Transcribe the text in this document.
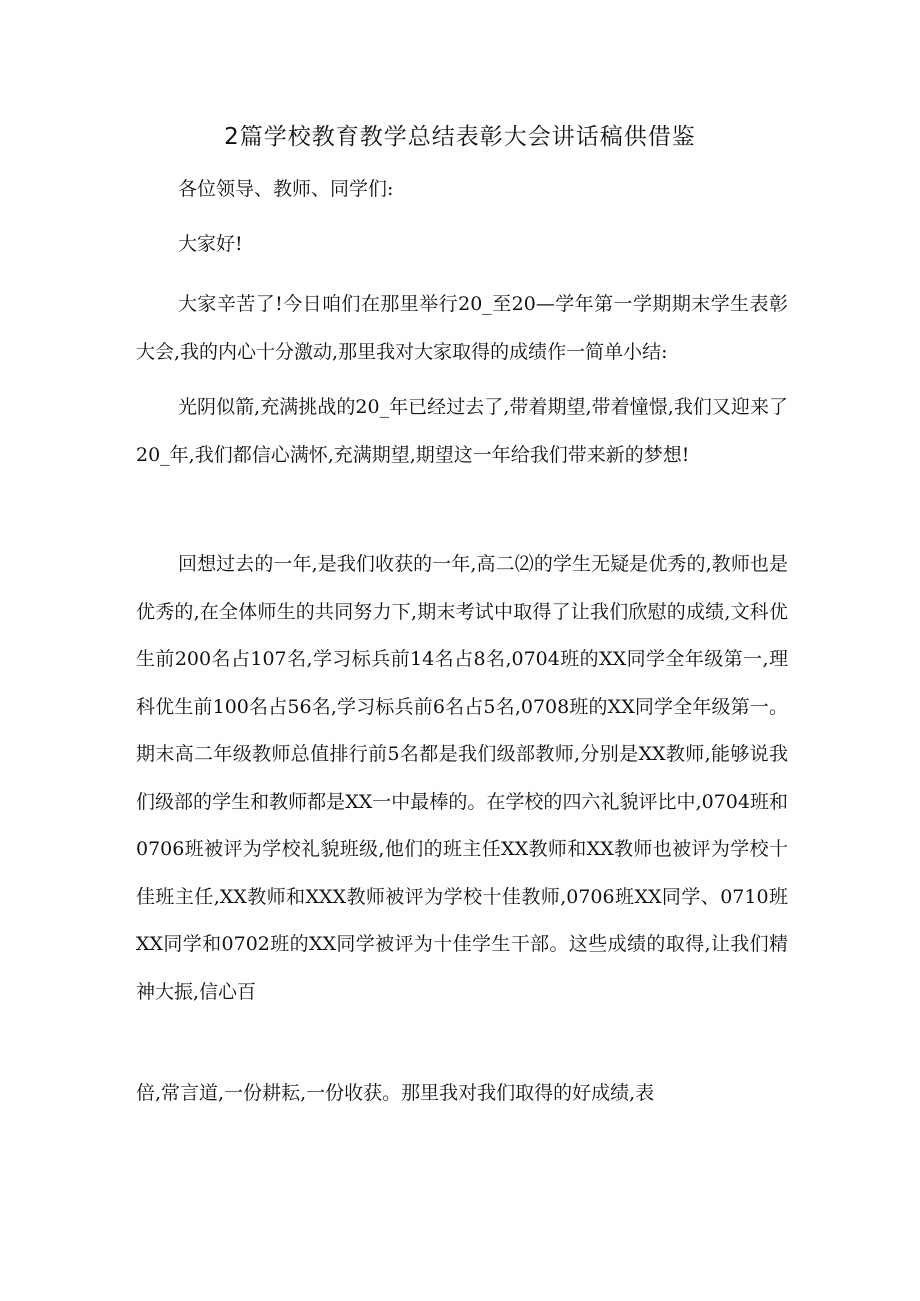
2篇学校教育教学总结表彰大会讲话稿供借鉴

各位领导、教师、同学们:

大家好!

大家辛苦了!今日咱们在那里举行20_至20—学年第一学期期末学生表彰大会,我的内心十分激动,那里我对大家取得的成绩作一简单小结:

光阴似箭,充满挑战的20_年已经过去了,带着期望,带着憧憬,我们又迎来了20_年,我们都信心满怀,充满期望,期望这一年给我们带来新的梦想!

回想过去的一年,是我们收获的一年,高二⑵的学生无疑是优秀的,教师也是优秀的,在全体师生的共同努力下,期末考试中取得了让我们欣慰的成绩,文科优生前200名占107名,学习标兵前14名占8名,0704班的XX同学全年级第一,理科优生前100名占56名,学习标兵前6名占5名,0708班的XX同学全年级第一。期末高二年级教师总值排行前5名都是我们级部教师,分别是XX教师,能够说我们级部的学生和教师都是XX一中最棒的。在学校的四六礼貌评比中,0704班和0706班被评为学校礼貌班级,他们的班主任XX教师和XX教师也被评为学校十佳班主任,XX教师和XXX教师被评为学校十佳教师,0706班XX同学、0710班XX同学和0702班的XX同学被评为十佳学生干部。这些成绩的取得,让我们精神大振,信心百

倍,常言道,一份耕耘,一份收获。那里我对我们取得的好成绩,表
